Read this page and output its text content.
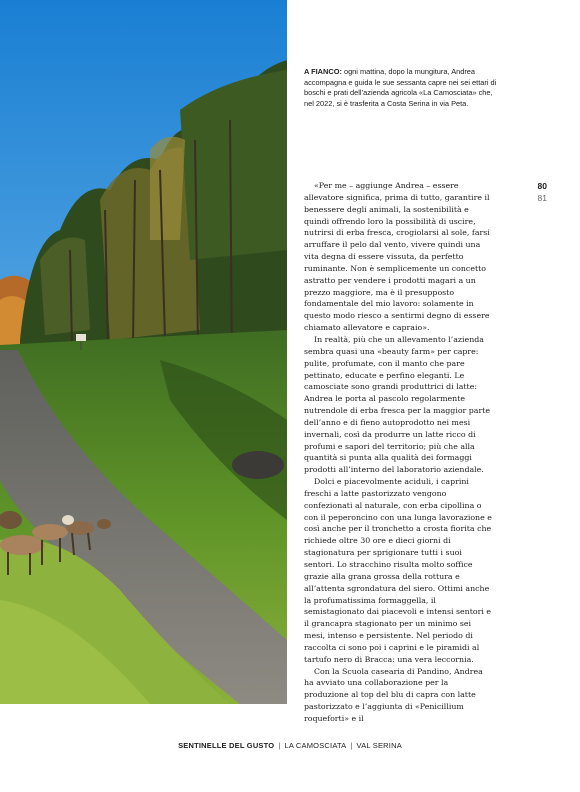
A FIANCO: ogni mattina, dopo la mungitura, Andrea accompagna e guida le sue sessanta capre nei sei ettari di boschi e prati dell’azienda agricola «La Camosciata» che, nel 2022, si è trasferita a Costa Serina in via Peta.
80
81

«Per me – aggiunge Andrea – essere allevatore significa, prima di tutto, garantire il benessere degli animali, la sostenibilità e quindi offrendo loro la possibilità di uscire, nutrirsi di erba fresca, crogiolarsi al sole, farsi arruffare il pelo dal vento, vivere quindi una vita degna di essere vissuta, da perfetto ruminante. Non è semplicemente un concetto astratto per vendere i prodotti magari a un prezzo maggiore, ma è il presupposto fondamentale del mio lavoro: solamente in questo modo riesco a sentirmi degno di essere chiamato allevatore e capraio».

In realtà, più che un allevamento l’azienda sembra quasi una «beauty farm» per capre: pulite, profumate, con il manto che pare pettinato, educate e perfino eleganti. Le camosciate sono grandi produttrici di latte: Andrea le porta al pascolo regolarmente nutrendole di erba fresca per la maggior parte dell’anno e di fieno autoprodotto nei mesi invernali, così da produrre un latte ricco di profumi e sapori del territorio; più che alla quantità si punta alla qualità dei formaggi prodotti all’interno del laboratorio aziendale.

Dolci e piacevolmente aciduli, i caprini freschi a latte pastorizzato vengono confezionati al naturale, con erba cipollina o con il peperoncino con una lunga lavorazione e così anche per il tronchetto a crosta fiorita che richiede oltre 30 ore e dieci giorni di stagionatura per sprigionare tutti i suoi sentori. Lo stracchino risulta molto soffice grazie alla grana grossa della rottura e all’attenta sgrondatura del siero. Ottimi anche la profumatissima formaggella, il semistagionato dai piacevoli e intensi sentori e il grancapra stagionato per un minimo sei mesi, intenso e persistente. Nel periodo di raccolta ci sono poi i caprini e le piramidi al tartufo nero di Bracca: una vera leccornia.

Con la Scuola casearia di Pandino, Andrea ha avviato una collaborazione per la produzione al top del blu di capra con latte pastorizzato e l’aggiunta di «Penicillium roqueforti» e il

SENTINELLE DEL GUSTO | LA CAMOSCIATA | VAL SERINA
